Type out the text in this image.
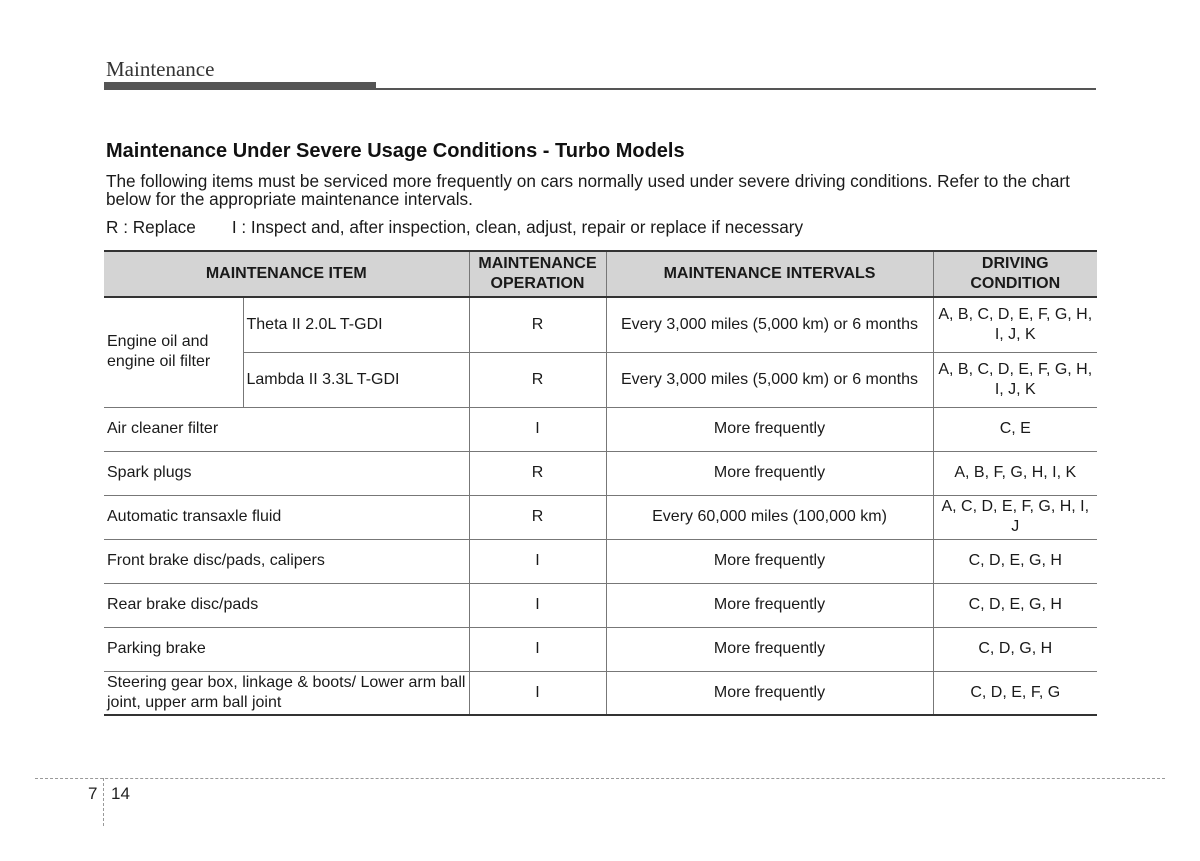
Maintenance
Maintenance Under Severe Usage Conditions - Turbo Models
The following items must be serviced more frequently on cars normally used under severe driving conditions. Refer to the chart below for the appropriate maintenance intervals.
R : Replace I : Inspect and, after inspection, clean, adjust, repair or replace if necessary
MAINTENANCE ITEM		MAINTENANCE OPERATION	MAINTENANCE INTERVALS	DRIVING CONDITION
Engine oil and engine oil filter	Theta II 2.0L T-GDI	R	Every 3,000 miles (5,000 km) or 6 months	A, B, C, D, E, F, G, H, I, J, K
	Lambda II 3.3L T-GDI	R	Every 3,000 miles (5,000 km) or 6 months	A, B, C, D, E, F, G, H, I, J, K
Air cleaner filter		I	More frequently	C, E
Spark plugs		R	More frequently	A, B, F, G, H, I, K
Automatic transaxle fluid		R	Every 60,000 miles (100,000 km)	A, C, D, E, F, G, H, I, J
Front brake disc/pads, calipers		I	More frequently	C, D, E, G, H
Rear brake disc/pads		I	More frequently	C, D, E, G, H
Parking brake		I	More frequently	C, D, G, H
Steering gear box, linkage & boots/ Lower arm ball joint, upper arm ball joint		I	More frequently	C, D, E, F, G
7 14
